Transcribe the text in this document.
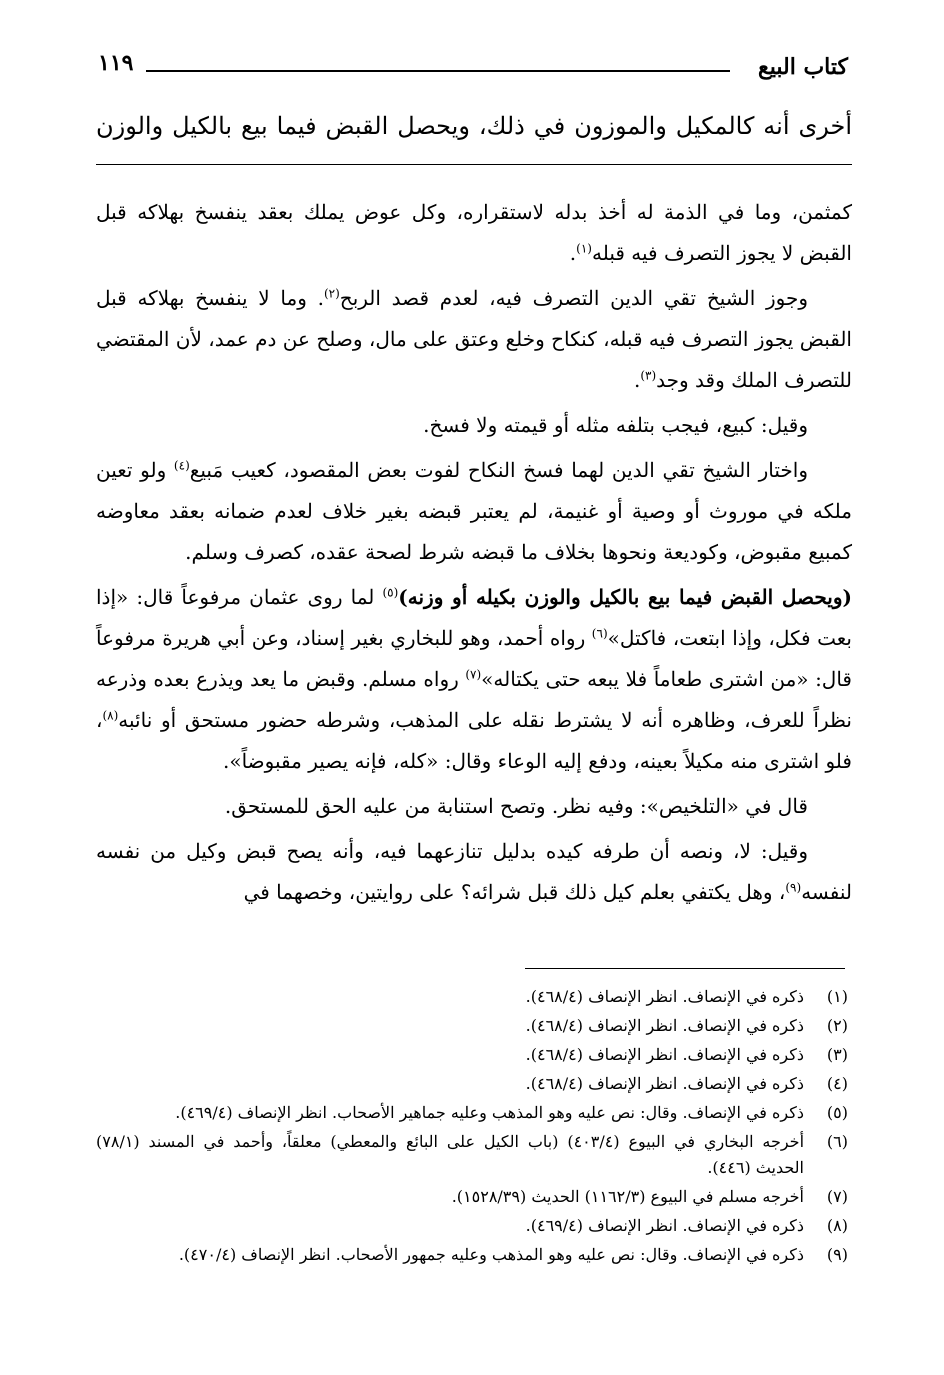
كتاب البيع
١١٩
أخرى أنه كالمكيل والموزون في ذلك، ويحصل القبض فيما بيع بالكيل والوزن

كمثمن، وما في الذمة له أخذ بدله لاستقراره، وكل عوض يملك بعقد ينفسخ بهلاكه قبل القبض لا يجوز التصرف فيه قبله$^{(١)}$.

وجوز الشيخ تقي الدين التصرف فيه، لعدم قصد الربح$^{(٢)}$. وما لا ينفسخ بهلاكه قبل القبض يجوز التصرف فيه قبله، كنكاح وخلع وعتق على مال، وصلح عن دم عمد، لأن المقتضي للتصرف الملك وقد وجد$^{(٣)}$.

وقيل: كبيع، فيجب بتلفه مثله أو قيمته ولا فسخ.

واختار الشيخ تقي الدين لهما فسخ النكاح لفوت بعض المقصود، كعيب مَبيع$^{(٤)}$ ولو تعين ملكه في موروث أو وصية أو غنيمة، لم يعتبر قبضه بغير خلاف لعدم ضمانه بعقد معاوضه كمبيع مقبوض، وكوديعة ونحوها بخلاف ما قبضه شرط لصحة عقده، كصرف وسلم.

(ويحصل القبض فيما بيع بالكيل والوزن بكيله أو وزنه)$^{(٥)}$ لما روى عثمان مرفوعاً قال: «إذا بعت فكل، وإذا ابتعت، فاكتل»$^{(٦)}$ رواه أحمد، وهو للبخاري بغير إسناد، وعن أبي هريرة مرفوعاً قال: «من اشترى طعاماً فلا يبعه حتى يكتاله»$^{(٧)}$ رواه مسلم. وقبض ما يعد ويذرع بعده وذرعه نظراً للعرف، وظاهره أنه لا يشترط نقله على المذهب، وشرطه حضور مستحق أو نائبه$^{(٨)}$، فلو اشترى منه مكيلاً بعينه، ودفع إليه الوعاء وقال: «كله، فإنه يصير مقبوضاً».

قال في «التلخيص»: وفيه نظر. وتصح استنابة من عليه الحق للمستحق.

وقيل: لا، ونصه أن طرفه كيده بدليل تنازعهما فيه، وأنه يصح قبض وكيل من نفسه لنفسه$^{(٩)}$، وهل يكتفي بعلم كيل ذلك قبل شرائه؟ على روايتين، وخصهما في

(١)
ذكره في الإنصاف. انظر الإنصاف (٤٦٨/٤).
(٢)
ذكره في الإنصاف. انظر الإنصاف (٤٦٨/٤).
(٣)
ذكره في الإنصاف. انظر الإنصاف (٤٦٨/٤).
(٤)
ذكره في الإنصاف. انظر الإنصاف (٤٦٨/٤).
(٥)
ذكره في الإنصاف. وقال: نص عليه وهو المذهب وعليه جماهير الأصحاب. انظر الإنصاف (٤٦٩/٤).
(٦)
أخرجه البخاري في البيوع (٤٠٣/٤) (باب الكيل على البائع والمعطي) معلقاً، وأحمد في المسند (٧٨/١) الحديث (٤٤٦).
(٧)
أخرجه مسلم في البيوع (١١٦٢/٣) الحديث (١٥٢٨/٣٩).
(٨)
ذكره في الإنصاف. انظر الإنصاف (٤٦٩/٤).
(٩)
ذكره في الإنصاف. وقال: نص عليه وهو المذهب وعليه جمهور الأصحاب. انظر الإنصاف (٤٧٠/٤).
